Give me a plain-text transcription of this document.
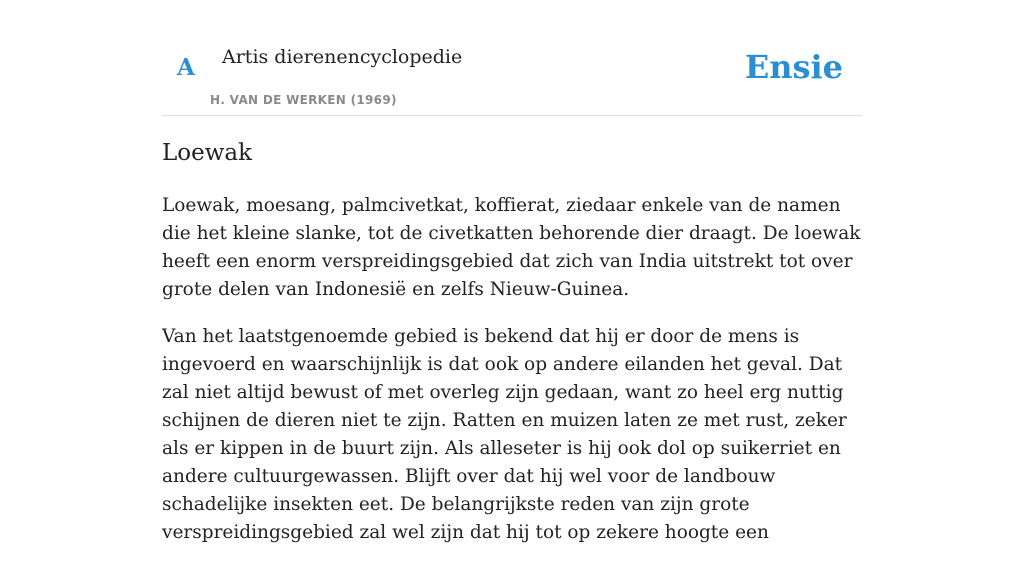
A Artis dierenencyclopedie
H. VAN DE WERKEN (1969)
Ensie
Loewak

Loewak, moesang, palmcivetkat, koffierat, ziedaar enkele van de namen die het kleine slanke, tot de civetkatten behorende dier draagt. De loewak heeft een enorm verspreidingsgebied dat zich van India uitstrekt tot over grote delen van Indonesië en zelfs Nieuw-Guinea.

Van het laatstgenoemde gebied is bekend dat hij er door de mens is ingevoerd en waarschijnlijk is dat ook op andere eilanden het geval. Dat zal niet altijd bewust of met overleg zijn gedaan, want zo heel erg nuttig schijnen de dieren niet te zijn. Ratten en muizen laten ze met rust, zeker als er kippen in de buurt zijn. Als alleseter is hij ook dol op suikerriet en andere cultuurgewassen. Blijft over dat hij wel voor de landbouw schadelijke insekten eet. De belangrijkste reden van zijn grote verspreidingsgebied zal wel zijn dat hij tot op zekere hoogte een
